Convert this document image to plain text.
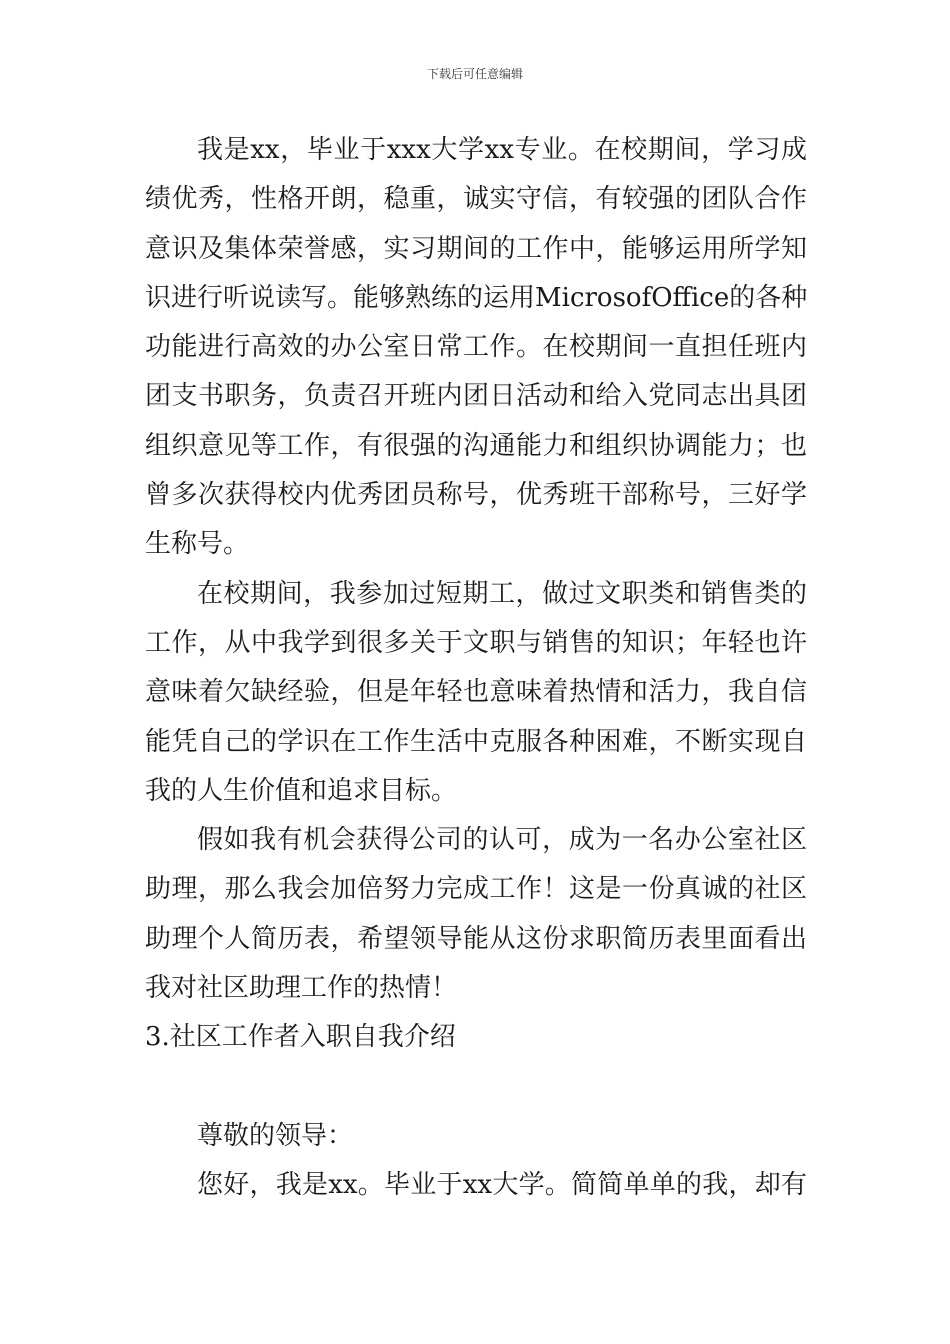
下载后可任意编辑
我是xx，毕业于xxx大学xx专业。在校期间，学习成
绩优秀，性格开朗，稳重，诚实守信，有较强的团队合作
意识及集体荣誉感，实习期间的工作中，能够运用所学知
识进行听说读写。能够熟练的运用MicrosofOffice的各种
功能进行高效的办公室日常工作。在校期间一直担任班内
团支书职务，负责召开班内团日活动和给入党同志出具团
组织意见等工作，有很强的沟通能力和组织协调能力；也
曾多次获得校内优秀团员称号，优秀班干部称号，三好学
生称号。
在校期间，我参加过短期工，做过文职类和销售类的
工作，从中我学到很多关于文职与销售的知识；年轻也许
意味着欠缺经验，但是年轻也意味着热情和活力，我自信
能凭自己的学识在工作生活中克服各种困难，不断实现自
我的人生价值和追求目标。
假如我有机会获得公司的认可，成为一名办公室社区
助理，那么我会加倍努力完成工作！这是一份真诚的社区
助理个人简历表，希望领导能从这份求职简历表里面看出
我对社区助理工作的热情！
3.社区工作者入职自我介绍
尊敬的领导：
您好，我是xx。毕业于xx大学。简简单单的我，却有
